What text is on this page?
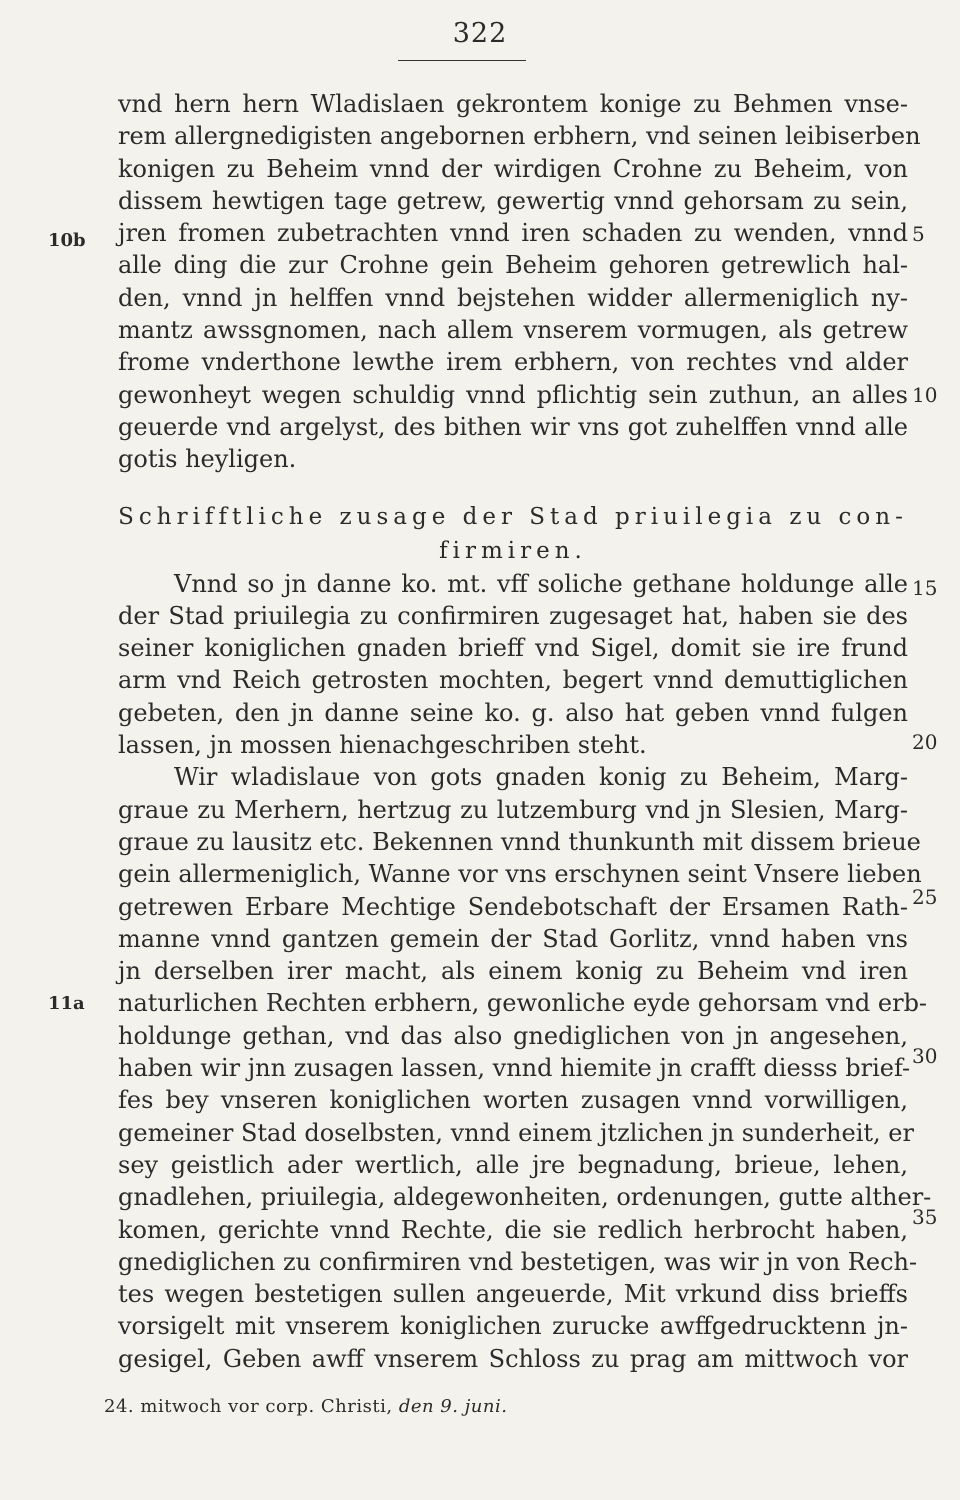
322
vnd hern hern Wladislaen gekrontem konige zu Behmen vnse-
rem allergnedigisten angebornen erbhern, vnd seinen leibiserben
konigen zu Beheim vnnd der wirdigen Crohne zu Beheim, von
dissem hewtigen tage getrew, gewertig vnnd gehorsam zu sein,
jren fromen zubetrachten vnnd iren schaden zu wenden, vnnd
alle ding die zur Crohne gein Beheim gehoren getrewlich hal-
den, vnnd jn helffen vnnd bejstehen widder allermeniglich ny-
mantz awssgnomen, nach allem vnserem vormugen, als getrew
frome vnderthone lewthe irem erbhern, von rechtes vnd alder
gewonheyt wegen schuldig vnnd pflichtig sein zuthun, an alles
geuerde vnd argelyst, des bithen wir vns got zuhelffen vnnd alle
gotis heyligen.
Schrifftliche zusage der Stad priuilegia zu con-
firmiren.
Vnnd so jn danne ko. mt. vff soliche gethane holdunge alle
der Stad priuilegia zu confirmiren zugesaget hat, haben sie des
seiner koniglichen gnaden brieff vnd Sigel, domit sie ire frund
arm vnd Reich getrosten mochten, begert vnnd demuttiglichen
gebeten, den jn danne seine ko. g. also hat geben vnnd fulgen
lassen, jn mossen hienachgeschriben steht.
Wir wladislaue von gots gnaden konig zu Beheim, Marg-
graue zu Merhern, hertzug zu lutzemburg vnd jn Slesien, Marg-
graue zu lausitz etc. Bekennen vnnd thunkunth mit dissem brieue
gein allermeniglich, Wanne vor vns erschynen seint Vnsere lieben
getrewen Erbare Mechtige Sendebotschaft der Ersamen Rath-
manne vnnd gantzen gemein der Stad Gorlitz, vnnd haben vns
jn derselben irer macht, als einem konig zu Beheim vnd iren
naturlichen Rechten erbhern, gewonliche eyde gehorsam vnd erb-
holdunge gethan, vnd das also gnediglichen von jn angesehen,
haben wir jnn zusagen lassen, vnnd hiemite jn crafft diesss brief-
fes bey vnseren koniglichen worten zusagen vnnd vorwilligen,
gemeiner Stad doselbsten, vnnd einem jtzlichen jn sunderheit, er
sey geistlich ader wertlich, alle jre begnadung, brieue, lehen,
gnadlehen, priuilegia, aldegewonheiten, ordenungen, gutte alther-
komen, gerichte vnnd Rechte, die sie redlich herbrocht haben,
gnediglichen zu confirmiren vnd bestetigen, was wir jn von Rech-
tes wegen bestetigen sullen angeuerde, Mit vrkund diss brieffs
vorsigelt mit vnserem koniglichen zurucke awffgedrucktenn jn-
gesigel, Geben awff vnserem Schloss zu prag am mittwoch vor
5
10
15
20
25
30
35
10b
11a
24. mitwoch vor corp. Christi, den 9. juni.
